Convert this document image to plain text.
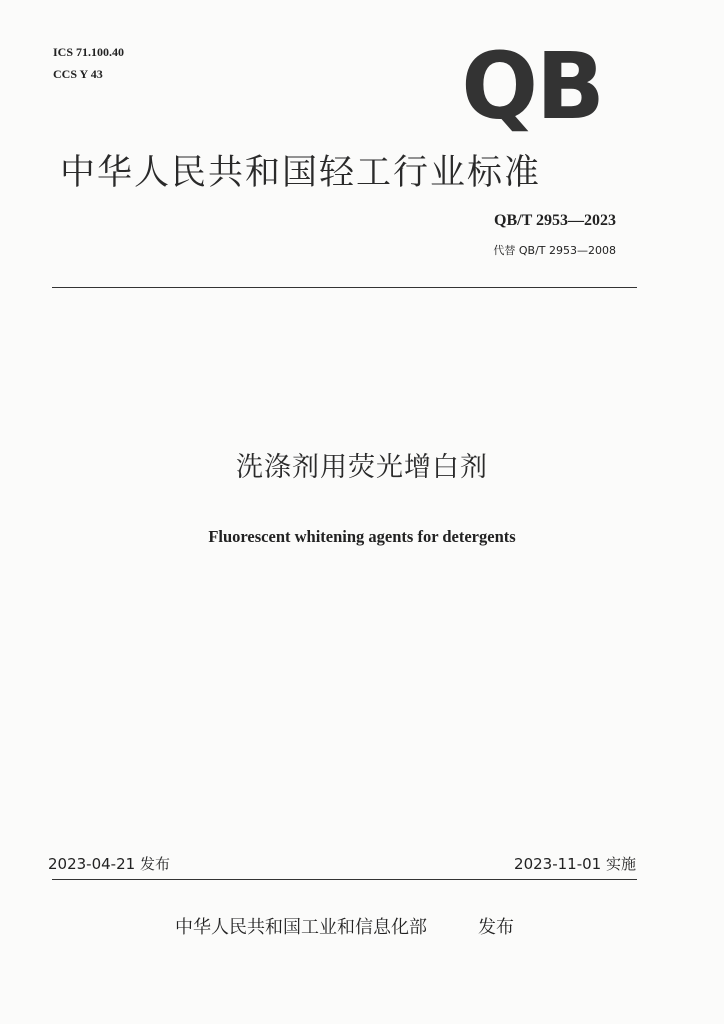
ICS 71.100.40
CCS Y 43	QB
中华人民共和国轻工行业标准
QB/T 2953—2023
代替 QB/T 2953—2008
洗涤剂用荧光增白剂
Fluorescent whitening agents for detergents
2023-04-21 发布	2023-11-01 实施
中华人民共和国工业和信息化部	发布
